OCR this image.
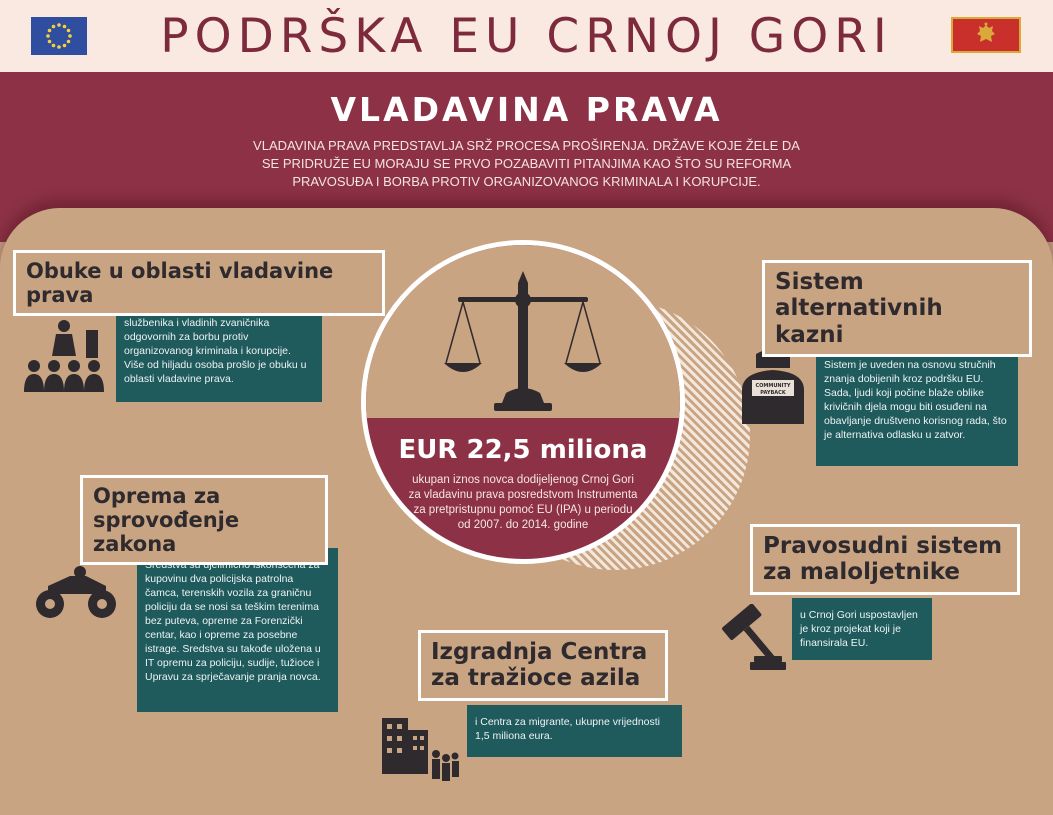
PODRŠKA EU CRNOJ GORI
VLADAVINA PRAVA
VLADAVINA PRAVA PREDSTAVLJA SRŽ PROCESA PROŠIRENJA. DRŽAVE KOJE ŽELE DA SE PRIDRUŽE EU MORAJU SE PRVO POZABAVITI PITANJIMA KAO ŠTO SU REFORMA PRAVOSUĐA I BORBA PROTIV ORGANIZOVANOG KRIMINALA I KORUPCIJE.
EUR 22,5 miliona
ukupan iznos novca dodijeljenog Crnoj Gori za vladavinu prava posredstvom Instrumenta za pretpristupnu pomoć EU (IPA) u periodu od 2007. do 2014. godine
Obuke u oblasti vladavine prava
službenika i vladinih zvaničnika odgovornih za borbu protiv organizovanog kriminala i korupcije. Više od hiljadu osoba prošlo je obuku u oblasti vladavine prava.
Oprema za sprovođenje zakona
kupovinu dva policijska patrolna čamca, terenskih vozila za graničnu policiju da se nosi sa teškim terenima bez puteva, opreme za Forenzički centar, kao i opreme za posebne istrage. Sredstva su takođe uložena u IT opremu za policiju, sudije, tužioce i Upravu za sprječavanje pranja novca.
Sistem alternativnih kazni
Sistem je uveden na osnovu stručnih znanja dobijenih kroz podršku EU. Sada, ljudi koji počine blaže oblike krivičnih djela mogu biti osuđeni na obavljanje društveno korisnog rada, što je alternativa odlasku u zatvor.
COMMUNITY
PAYBACK
Pravosudni sistem za maloljetnike
u Crnoj Gori uspostavljen je kroz projekat koji je finansirala EU.
Izgradnja Centra za tražioce azila
i Centra za migrante, ukupne vrijednosti 1,5 miliona eura.
